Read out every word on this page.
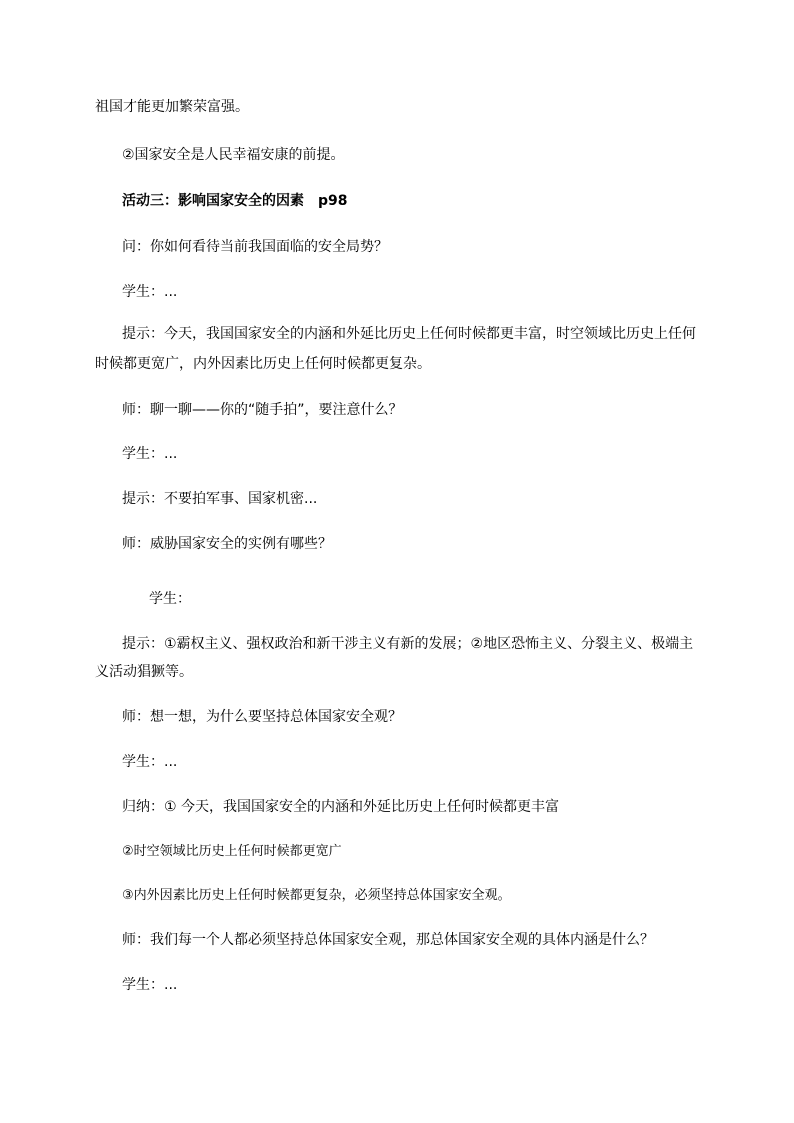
祖国才能更加繁荣富强。
②国家安全是人民幸福安康的前提。
活动三：影响国家安全的因素　p98
问：你如何看待当前我国面临的安全局势？
学生：...
提示：今天，我国国家安全的内涵和外延比历史上任何时候都更丰富，时空领域比历史上任何
时候都更宽广，内外因素比历史上任何时候都更复杂。
师：聊一聊——你的“随手拍”，要注意什么？
学生：...
提示：不要拍军事、国家机密...
师：威胁国家安全的实例有哪些？
学生：
提示：①霸权主义、强权政治和新干涉主义有新的发展；②地区恐怖主义、分裂主义、极端主
义活动猖獗等。
师：想一想，为什么要坚持总体国家安全观？
学生：...
归纳：① 今天，我国国家安全的内涵和外延比历史上任何时候都更丰富
②时空领域比历史上任何时候都更宽广
③内外因素比历史上任何时候都更复杂，必须坚持总体国家安全观。
师：我们每一个人都必须坚持总体国家安全观，那总体国家安全观的具体内涵是什么？
学生：...
